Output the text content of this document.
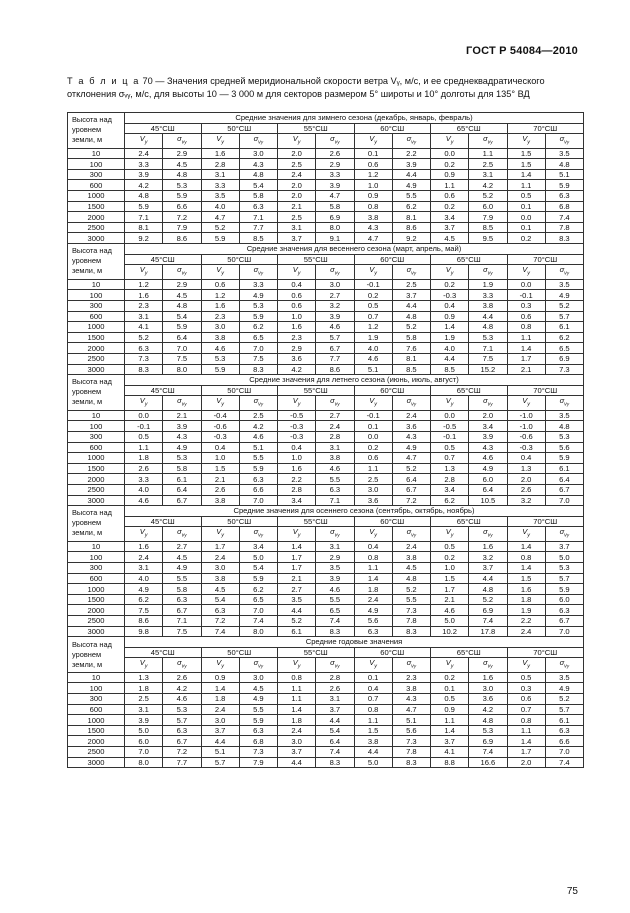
ГОСТ Р 54084—2010
Т а б л и ц а 70 — Значения средней меридиональной скорости ветра Vᵧ, м/с, и ее среднеквадратического отклонения σᵥᵧ, м/с, для высоты 10 — 3 000 м для секторов размером 5° широты и 10° долготы для 135° ВД
Высота над уровнем земли, м	Средние значения для зимнего сезона (декабрь, январь, февраль)											
	45°СШ		50°СШ		55°СШ		60°СШ		65°СШ		70°СШ	
	$V_y$	$\sigma_{vy}$	$V_y$	$\sigma_{vy}$	$V_y$	$\sigma_{vy}$	$V_y$	$\sigma_{vy}$	$V_y$	$\sigma_{vy}$	$V_y$	$\sigma_{vy}$
10	2.4	2.9	1.6	3.0	2.0	2.6	0.1	2.2	0.0	1.1	1.5	3.5
100	3.3	4.5	2.8	4.3	2.5	2.9	0.6	3.9	0.2	2.5	1.5	4.8
300	3.9	4.8	3.1	4.8	2.4	3.3	1.2	4.4	0.9	3.1	1.4	5.1
600	4.2	5.3	3.3	5.4	2.0	3.9	1.0	4.9	1.1	4.2	1.1	5.9
1000	4.8	5.9	3.5	5.8	2.0	4.7	0.9	5.5	0.6	5.2	0.5	6.3
1500	5.9	6.6	4.0	6.3	2.1	5.8	0.8	6.2	0.2	6.0	0.1	6.8
2000	7.1	7.2	4.7	7.1	2.5	6.9	3.8	8.1	3.4	7.9	0.0	7.4
2500	8.1	7.9	5.2	7.7	3.1	8.0	4.3	8.6	3.7	8.5	0.1	7.8
3000	9.2	8.6	5.9	8.5	3.7	9.1	4.7	9.2	4.5	9.5	0.2	8.3
Высота над уровнем земли, м	Средние значения для весеннего сезона (март, апрель, май)											
	45°СШ		50°СШ		55°СШ		60°СШ		65°СШ		70°СШ	
	$V_y$	$\sigma_{vy}$	$V_y$	$\sigma_{vy}$	$V_y$	$\sigma_{vy}$	$V_y$	$\sigma_{vy}$	$V_y$	$\sigma_{vy}$	$V_y$	$\sigma_{vy}$
10	1.2	2.9	0.6	3.3	0.4	3.0	-0.1	2.5	0.2	1.9	0.0	3.5
100	1.6	4.5	1.2	4.9	0.6	2.7	0.2	3.7	-0.3	3.3	-0.1	4.9
300	2.3	4.8	1.6	5.3	0.6	3.2	0.5	4.4	0.4	3.8	0.3	5.2
600	3.1	5.4	2.3	5.9	1.0	3.9	0.7	4.8	0.9	4.4	0.6	5.7
1000	4.1	5.9	3.0	6.2	1.6	4.6	1.2	5.2	1.4	4.8	0.8	6.1
1500	5.2	6.4	3.8	6.5	2.3	5.7	1.9	5.8	1.9	5.3	1.1	6.2
2000	6.3	7.0	4.6	7.0	2.9	6.7	4.0	7.6	4.0	7.1	1.4	6.5
2500	7.3	7.5	5.3	7.5	3.6	7.7	4.6	8.1	4.4	7.5	1.7	6.9
3000	8.3	8.0	5.9	8.3	4.2	8.6	5.1	8.5	8.5	15.2	2.1	7.3
Высота над уровнем земли, м	Средние значения для летнего сезона (июнь, июль, август)											
	45°СШ		50°СШ		55°СШ		60°СШ		65°СШ		70°СШ	
	$V_y$	$\sigma_{vy}$	$V_y$	$\sigma_{vy}$	$V_y$	$\sigma_{vy}$	$V_y$	$\sigma_{vy}$	$V_y$	$\sigma_{vy}$	$V_y$	$\sigma_{vy}$
10	0.0	2.1	-0.4	2.5	-0.5	2.7	-0.1	2.4	0.0	2.0	-1.0	3.5
100	-0.1	3.9	-0.6	4.2	-0.3	2.4	0.1	3.6	-0.5	3.4	-1.0	4.8
300	0.5	4.3	-0.3	4.6	-0.3	2.8	0.0	4.3	-0.1	3.9	-0.6	5.3
600	1.1	4.9	0.4	5.1	0.4	3.1	0.2	4.9	0.5	4.3	-0.3	5.6
1000	1.8	5.3	1.0	5.5	1.0	3.8	0.6	4.7	0.7	4.6	0.4	5.9
1500	2.6	5.8	1.5	5.9	1.6	4.6	1.1	5.2	1.3	4.9	1.3	6.1
2000	3.3	6.1	2.1	6.3	2.2	5.5	2.5	6.4	2.8	6.0	2.0	6.4
2500	4.0	6.4	2.6	6.6	2.8	6.3	3.0	6.7	3.4	6.4	2.6	6.7
3000	4.6	6.7	3.8	7.0	3.4	7.1	3.6	7.2	6.2	10.5	3.2	7.0
Высота над уровнем земли, м	Средние значения для осеннего сезона (сентябрь, октябрь, ноябрь)											
	45°СШ		50°СШ		55°СШ		60°СШ		65°СШ		70°СШ	
	$V_y$	$\sigma_{vy}$	$V_y$	$\sigma_{vy}$	$V_y$	$\sigma_{vy}$	$V_y$	$\sigma_{vy}$	$V_y$	$\sigma_{vy}$	$V_y$	$\sigma_{vy}$
10	1.6	2.7	1.7	3.4	1.4	3.1	0.4	2.4	0.5	1.6	1.4	3.7
100	2.4	4.5	2.4	5.0	1.7	2.9	0.8	3.8	0.2	3.2	0.8	5.0
300	3.1	4.9	3.0	5.4	1.7	3.5	1.1	4.5	1.0	3.7	1.4	5.3
600	4.0	5.5	3.8	5.9	2.1	3.9	1.4	4.8	1.5	4.4	1.5	5.7
1000	4.9	5.8	4.5	6.2	2.7	4.6	1.8	5.2	1.7	4.8	1.6	5.9
1500	6.2	6.3	5.4	6.5	3.5	5.5	2.4	5.5	2.1	5.2	1.8	6.0
2000	7.5	6.7	6.3	7.0	4.4	6.5	4.9	7.3	4.6	6.9	1.9	6.3
2500	8.6	7.1	7.2	7.4	5.2	7.4	5.6	7.8	5.0	7.4	2.2	6.7
3000	9.8	7.5	7.4	8.0	6.1	8.3	6.3	8.3	10.2	17.8	2.4	7.0
Высота над уровнем земли, м	Средние годовые значения											
	45°СШ		50°СШ		55°СШ		60°СШ		65°СШ		70°СШ	
	$V_y$	$\sigma_{vy}$	$V_y$	$\sigma_{vy}$	$V_y$	$\sigma_{vy}$	$V_y$	$\sigma_{vy}$	$V_y$	$\sigma_{vy}$	$V_y$	$\sigma_{vy}$
10	1.3	2.6	0.9	3.0	0.8	2.8	0.1	2.3	0.2	1.6	0.5	3.5
100	1.8	4.2	1.4	4.5	1.1	2.6	0.4	3.8	0.1	3.0	0.3	4.9
300	2.5	4.6	1.8	4.9	1.1	3.1	0.7	4.3	0.5	3.6	0.6	5.2
600	3.1	5.3	2.4	5.5	1.4	3.7	0.8	4.7	0.9	4.2	0.7	5.7
1000	3.9	5.7	3.0	5.9	1.8	4.4	1.1	5.1	1.1	4.8	0.8	6.1
1500	5.0	6.3	3.7	6.3	2.4	5.4	1.5	5.6	1.4	5.3	1.1	6.3
2000	6.0	6.7	4.4	6.8	3.0	6.4	3.8	7.3	3.7	6.9	1.4	6.6
2500	7.0	7.2	5.1	7.3	3.7	7.4	4.4	7.8	4.1	7.4	1.7	7.0
3000	8.0	7.7	5.7	7.9	4.4	8.3	5.0	8.3	8.8	16.6	2.0	7.4
75
